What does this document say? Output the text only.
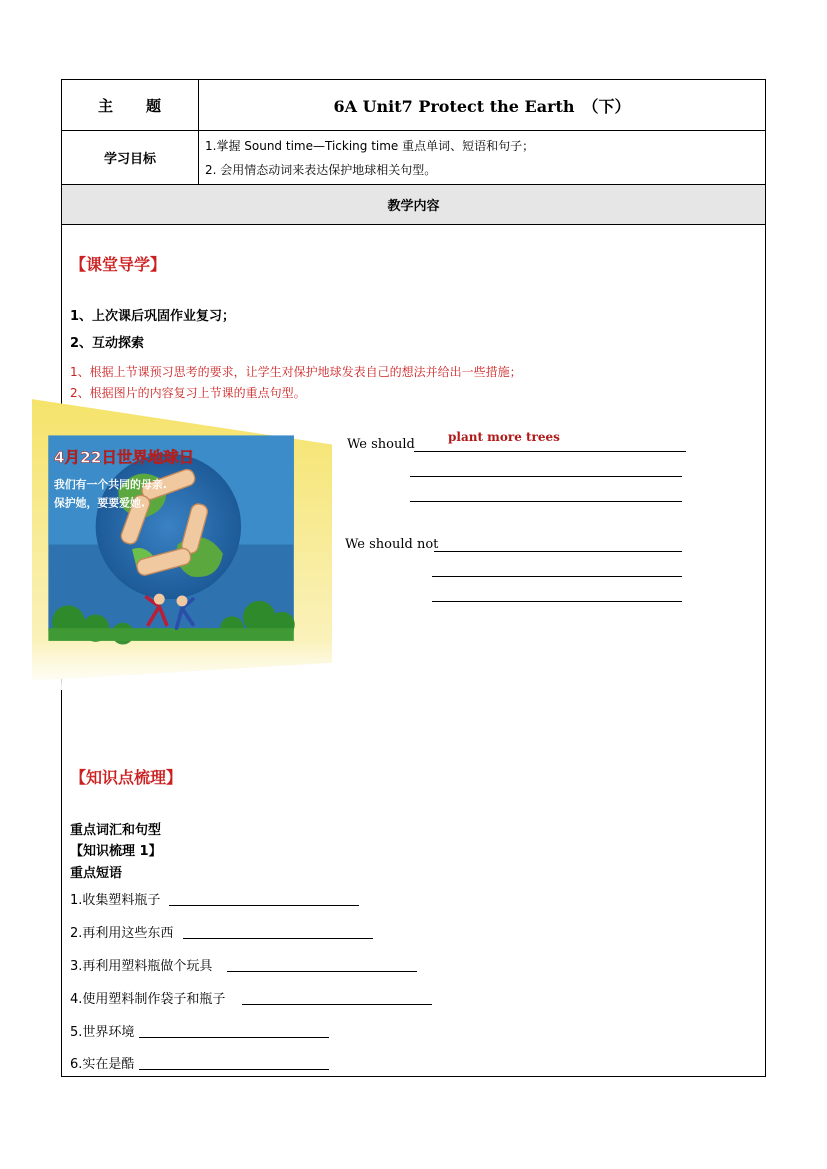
主　　题	6A Unit7 Protect the Earth　（下）
学习目标
1.掌握 Sound time—Ticking time 重点单词、短语和句子；
2. 会用情态动词来表达保护地球相关句型。
教学内容
【课堂导学】
1、上次课后巩固作业复习；
2、互动探索
1、根据上节课预习思考的要求，让学生对保护地球发表自己的想法并给出一些措施；
2、根据图片的内容复习上节课的重点句型。
4月22日世界地球日
我们有一个共同的母亲.
保护她，要要爱她.
We should	plant more trees
We should not
【知识点梳理】
重点词汇和句型
【知识梳理 1】
重点短语
1.收集塑料瓶子
2.再利用这些东西
3.再利用塑料瓶做个玩具
4.使用塑料制作袋子和瓶子
5.世界环境
6.实在是酷
